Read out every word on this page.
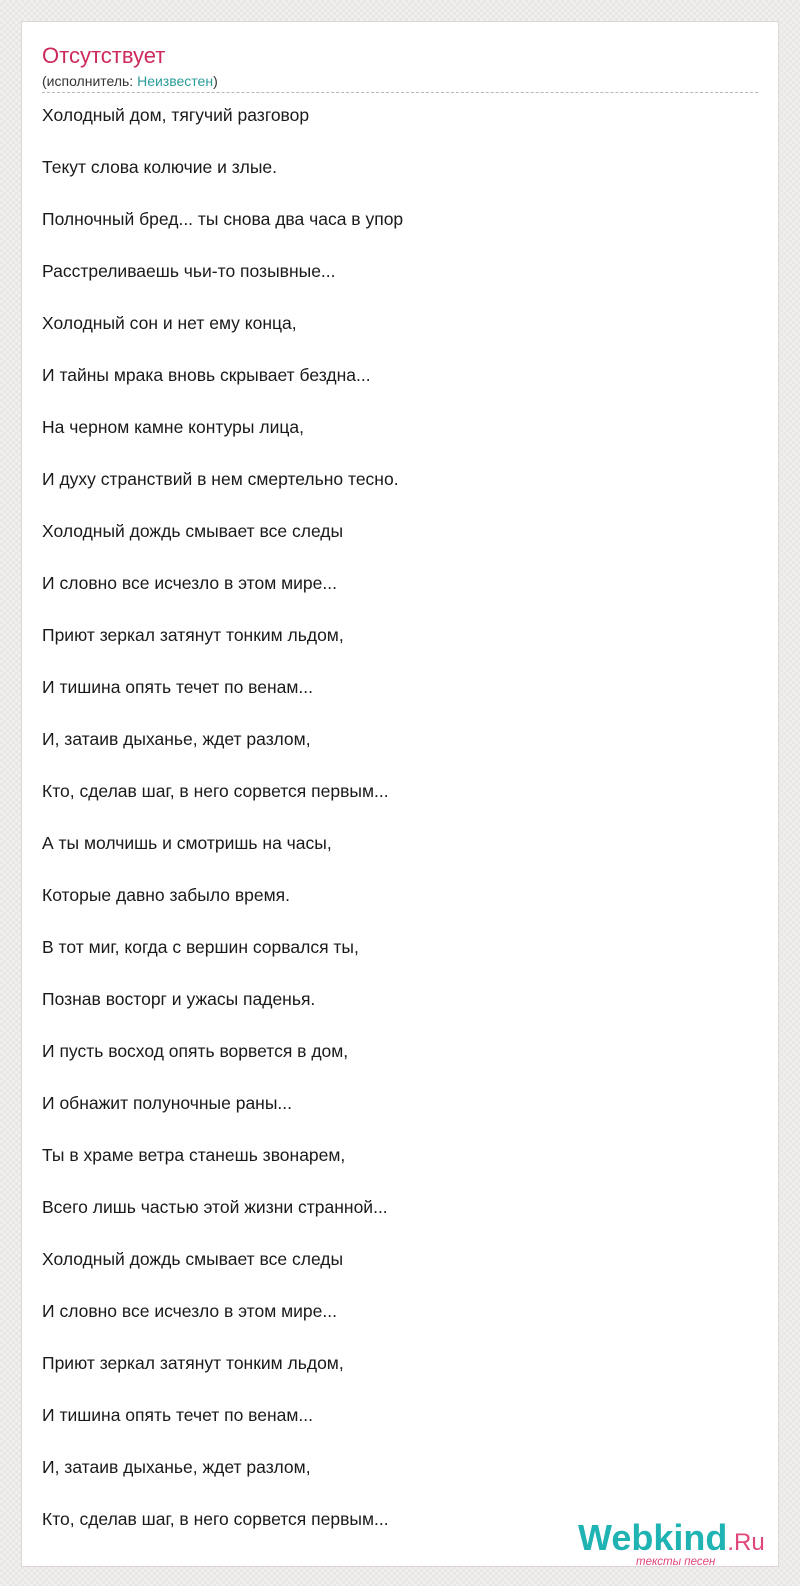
Отсутствует
(исполнитель: Неизвестен)
Холодный дом, тягучий разговор
Текут слова колючие и злые.
Полночный бред... ты снова два часа в упор
Расстреливаешь чьи-то позывные...
Холодный сон и нет ему конца,
И тайны мрака вновь скрывает бездна...
На черном камне контуры лица,
И духу странствий в нем смертельно тесно.
Холодный дождь смывает все следы
И словно все исчезло в этом мире...
Приют зеркал затянут тонким льдом,
И тишина опять течет по венам...
И, затаив дыханье, ждет разлом,
Кто, сделав шаг, в него сорвется первым...
А ты молчишь и смотришь на часы,
Которые давно забыло время.
В тот миг, когда с вершин сорвался ты,
Познав восторг и ужасы паденья.
И пусть восход опять ворвется в дом,
И обнажит полуночные раны...
Ты в храме ветра станешь звонарем,
Всего лишь частью этой жизни странной...
Холодный дождь смывает все следы
И словно все исчезло в этом мире...
Приют зеркал затянут тонким льдом,
И тишина опять течет по венам...
И, затаив дыханье, ждет разлом,
Кто, сделав шаг, в него сорвется первым...	Webkind.Ru
тексты песен
